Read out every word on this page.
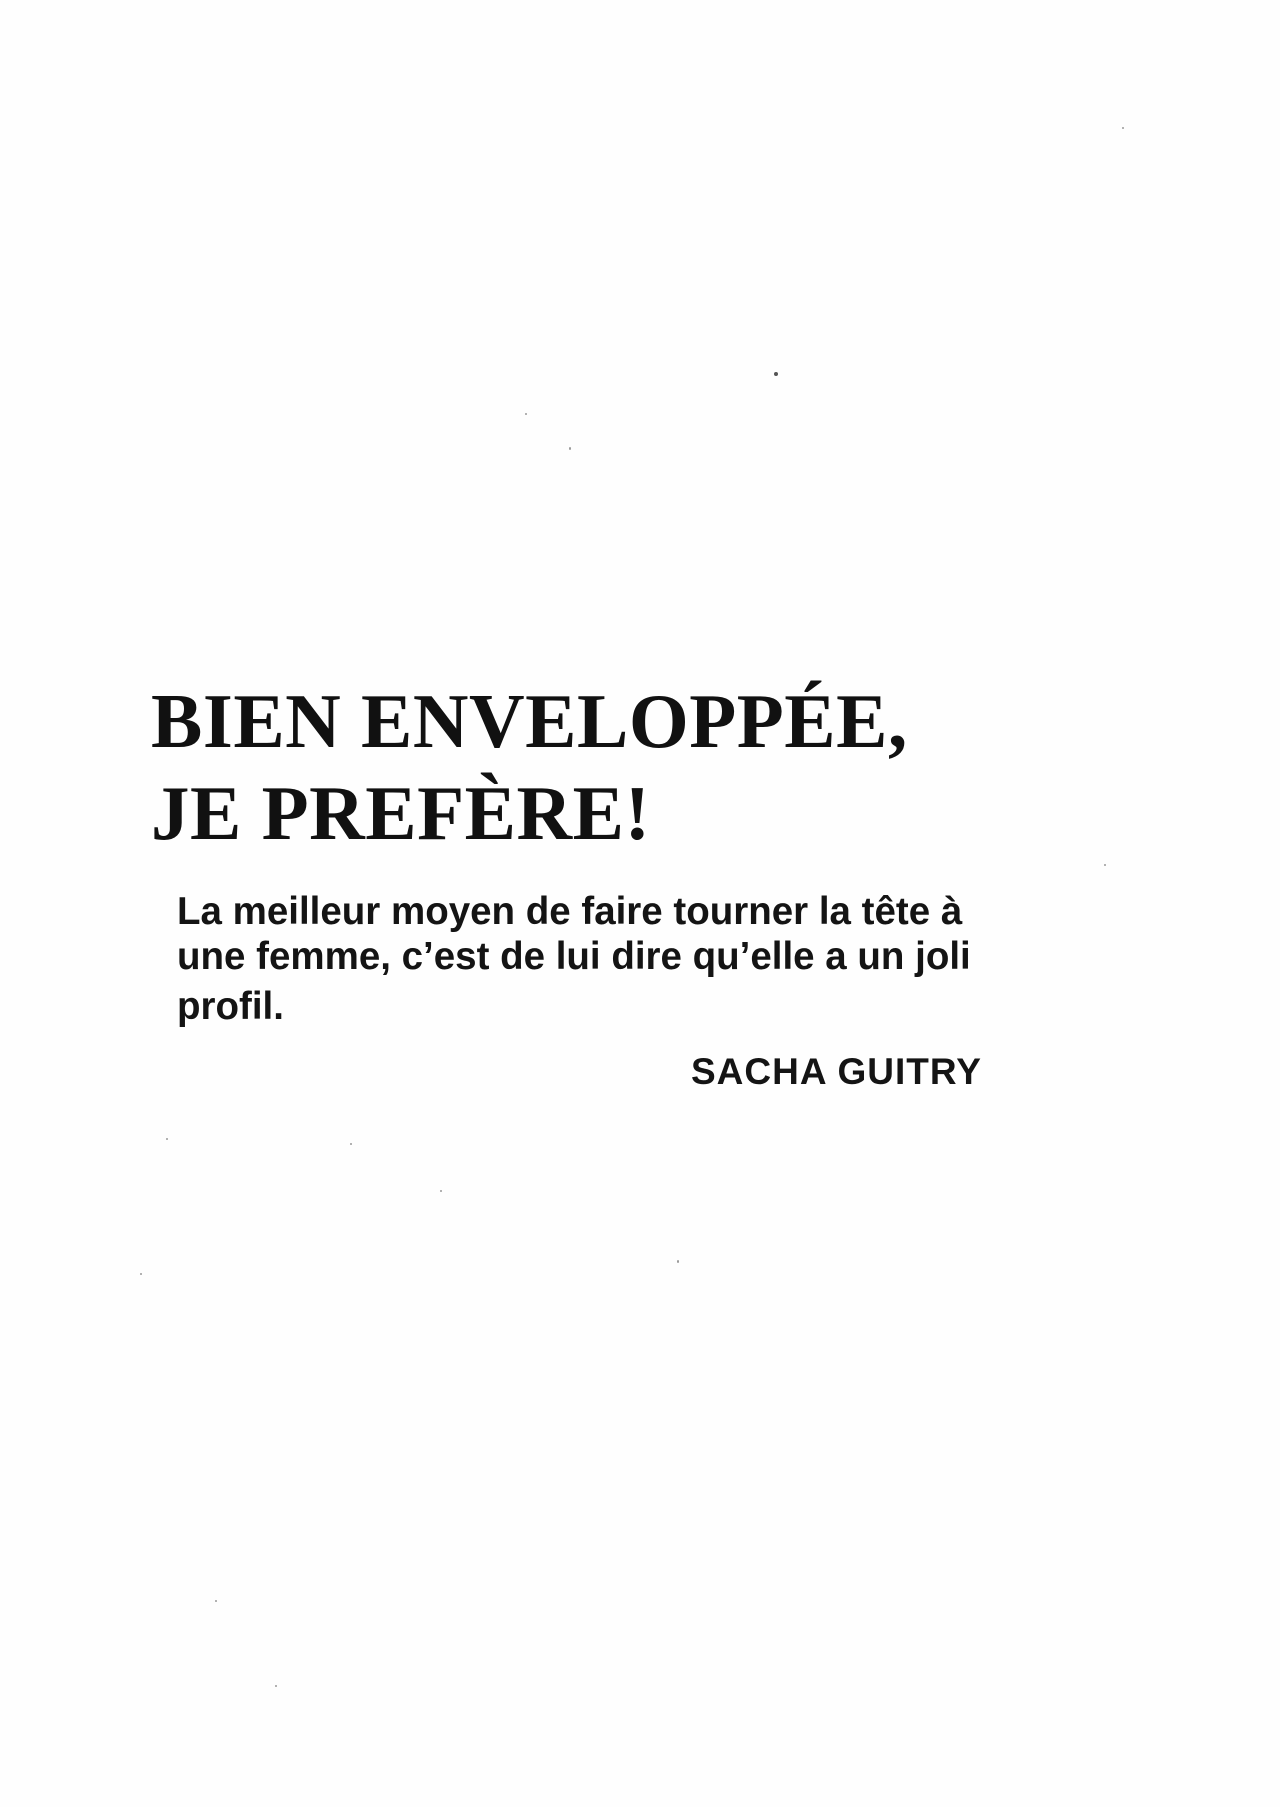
BIEN ENVELOPPÉE,
JE PREFÈRE!
La meilleur moyen de faire tourner la tête à
une femme, c’est de lui dire qu’elle a un joli
profil.
SACHA GUITRY
